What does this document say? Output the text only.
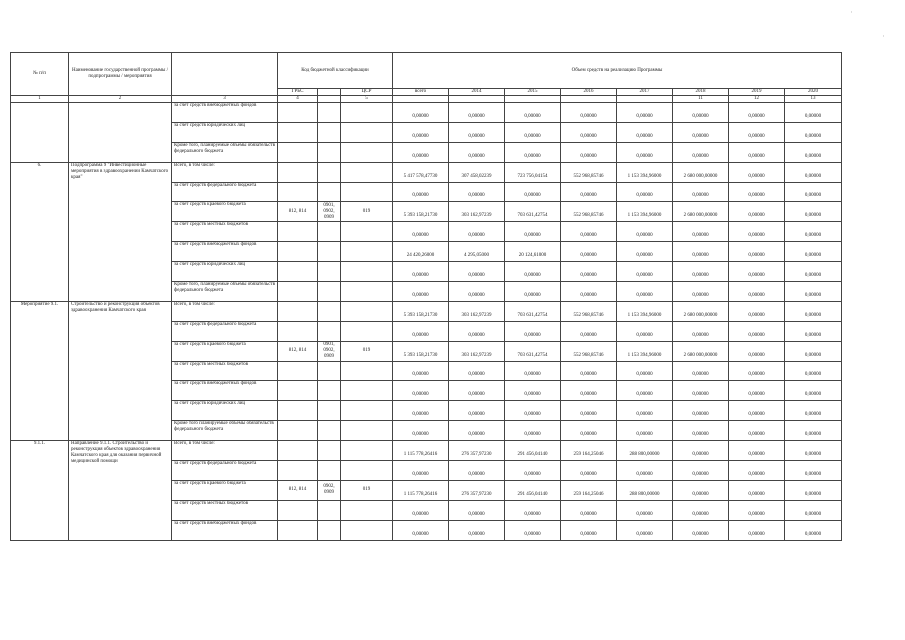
'
'
№ п/п	Наименование государственной программы / подпрограммы / мероприятия		Код бюджетной классификации			Объем средств на реализацию Программы							
			ГРБС		ЦСР	всего	2014	2015	2016	2017	2018	2019	2020
1	2	3	4		5						11	12	13
		за счет средств внебюджетных фондов				0,00000	0,00000	0,00000	0,00000	0,00000	0,00000	0,00000	0,00000
		за счет средств юридических лиц				0,00000	0,00000	0,00000	0,00000	0,00000	0,00000	0,00000	0,00000
		Кроме того, планируемые объемы обязательств федерального бюджета				0,00000	0,00000	0,00000	0,00000	0,00000	0,00000	0,00000	0,00000
6.	Подпрограмма 9 "Инвестиционные мероприятия в здравоохранении Камчатского края"	Всего, в том числе:				5 417 578,47730	307 458,02239	723 756,04154	552 968,85746	1 153 394,96000	2 680 000,00000	0,00000	0,00000
		за счет средств федерального бюджета				0,00000	0,00000	0,00000	0,00000	0,00000	0,00000	0,00000	0,00000
		за счет средств краевого бюджета	812, 814	0901, 0902, 0909	019	5 393 158,21730	303 162,97239	703 631,42754	552 968,85746	1 153 394,96000	2 680 000,00000	0,00000	0,00000
		за счет средств местных бюджетов				0,00000	0,00000	0,00000	0,00000	0,00000	0,00000	0,00000	0,00000
		за счет средств внебюджетных фондов				24 420,26000	4 295,05000	20 124,61000	0,00000	0,00000	0,00000	0,00000	0,00000
		за счет средств юридических лиц				0,00000	0,00000	0,00000	0,00000	0,00000	0,00000	0,00000	0,00000
		Кроме того, планируемые объемы обязательств федерального бюджета				0,00000	0,00000	0,00000	0,00000	0,00000	0,00000	0,00000	0,00000
Мероприятие 9.1.	Строительство и реконструкция объектов здравоохранения Камчатского края	Всего, в том числе:				5 393 158,21730	303 162,97239	703 631,42754	552 968,85746	1 153 394,96000	2 680 000,00000	0,00000	0,00000
		за счет средств федерального бюджета				0,00000	0,00000	0,00000	0,00000	0,00000	0,00000	0,00000	0,00000
		за счет средств краевого бюджета	812, 814	0901, 0902, 0909	019	5 393 158,21730	303 162,97239	703 631,42754	552 968,85746	1 153 394,96000	2 680 000,00000	0,00000	0,00000
		за счет средств местных бюджетов				0,00000	0,00000	0,00000	0,00000	0,00000	0,00000	0,00000	0,00000
		за счет средств внебюджетных фондов				0,00000	0,00000	0,00000	0,00000	0,00000	0,00000	0,00000	0,00000
		за счет средств юридических лиц				0,00000	0,00000	0,00000	0,00000	0,00000	0,00000	0,00000	0,00000
		Кроме того планируемые объемы обязательств федерального бюджета				0,00000	0,00000	0,00000	0,00000	0,00000	0,00000	0,00000	0,00000
9.1.1.	Направление 9.1.1. Строительство и реконструкция объектов здравоохранения Камчатского края для оказания первичной медицинской помощи	Всего, в том числе:				1 115 778,26416	276 357,97230	291 456,04140	259 164,25046	288 800,00000	0,00000	0,00000	0,00000
		за счет средств федерального бюджета				0,00000	0,00000	0,00000	0,00000	0,00000	0,00000	0,00000	0,00000
		за счет средств краевого бюджета	812, 814	0902, 0909	019	1 115 778,26416	276 357,97230	291 456,04140	259 164,25046	288 800,00000	0,00000	0,00000	0,00000
		за счет средств местных бюджетов				0,00000	0,00000	0,00000	0,00000	0,00000	0,00000	0,00000	0,00000
		за счет средств внебюджетных фондов				0,00000	0,00000	0,00000	0,00000	0,00000	0,00000	0,00000	0,00000
